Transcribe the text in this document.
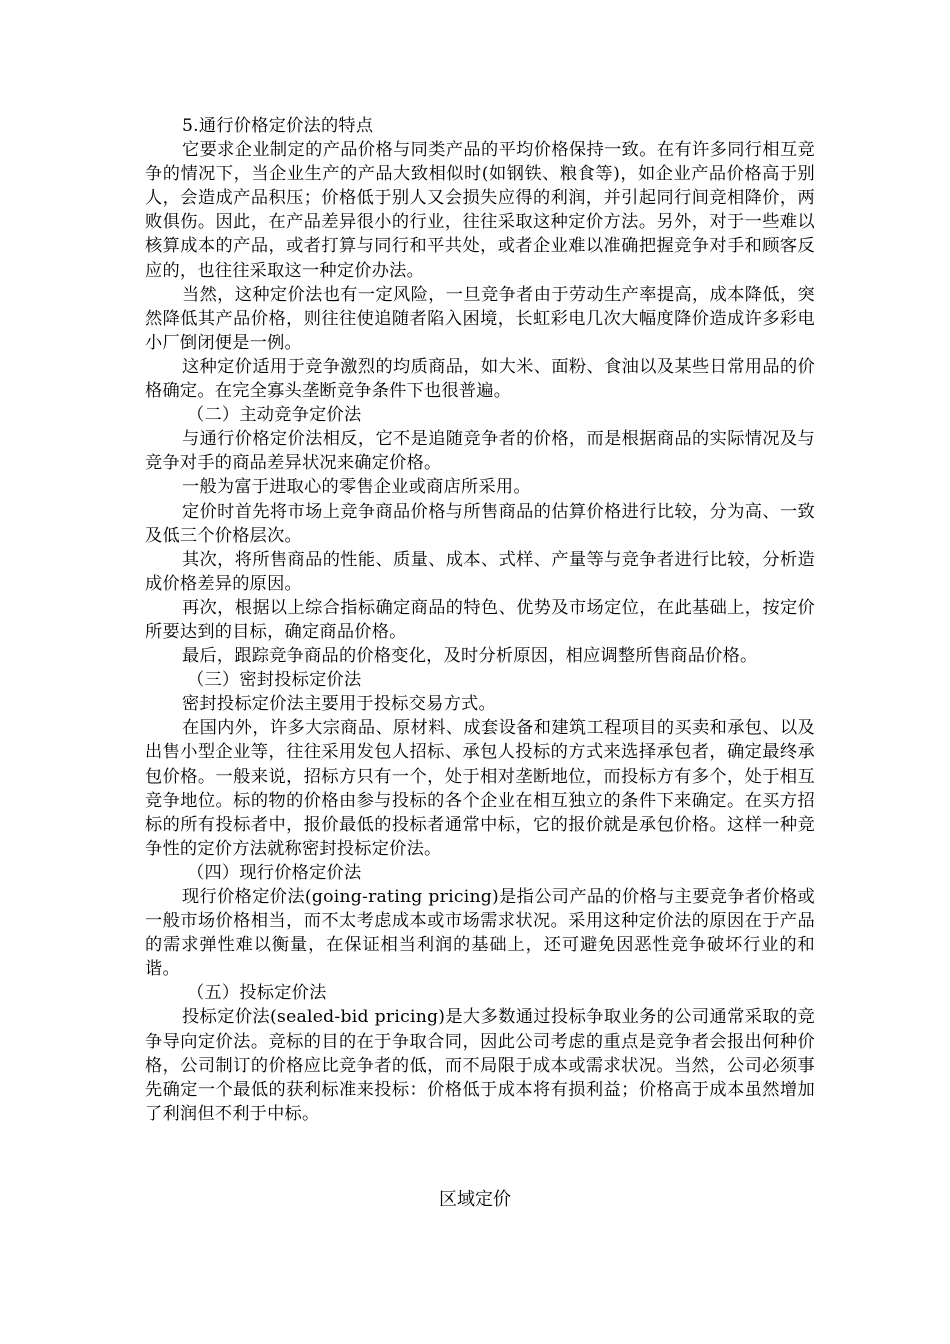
5.通行价格定价法的特点

它要求企业制定的产品价格与同类产品的平均价格保持一致。在有许多同行相互竞争的情况下，当企业生产的产品大致相似时(如钢铁、粮食等)，如企业产品价格高于别人，会造成产品积压；价格低于别人又会损失应得的利润，并引起同行间竞相降价，两败俱伤。因此，在产品差异很小的行业，往往采取这种定价方法。另外，对于一些难以核算成本的产品，或者打算与同行和平共处，或者企业难以准确把握竞争对手和顾客反应的，也往往采取这一种定价办法。

当然，这种定价法也有一定风险，一旦竞争者由于劳动生产率提高，成本降低，突然降低其产品价格，则往往使追随者陷入困境，长虹彩电几次大幅度降价造成许多彩电小厂倒闭便是一例。

这种定价适用于竞争激烈的均质商品，如大米、面粉、食油以及某些日常用品的价格确定。在完全寡头垄断竞争条件下也很普遍。

（二）主动竞争定价法

与通行价格定价法相反，它不是追随竞争者的价格，而是根据商品的实际情况及与竞争对手的商品差异状况来确定价格。

一般为富于进取心的零售企业或商店所采用。

定价时首先将市场上竞争商品价格与所售商品的估算价格进行比较，分为高、一致及低三个价格层次。

其次，将所售商品的性能、质量、成本、式样、产量等与竞争者进行比较，分析造成价格差异的原因。

再次，根据以上综合指标确定商品的特色、优势及市场定位，在此基础上，按定价所要达到的目标，确定商品价格。

最后，跟踪竞争商品的价格变化，及时分析原因，相应调整所售商品价格。

（三）密封投标定价法

密封投标定价法主要用于投标交易方式。

在国内外，许多大宗商品、原材料、成套设备和建筑工程项目的买卖和承包、以及出售小型企业等，往往采用发包人招标、承包人投标的方式来选择承包者，确定最终承包价格。一般来说，招标方只有一个，处于相对垄断地位，而投标方有多个，处于相互竞争地位。标的物的价格由参与投标的各个企业在相互独立的条件下来确定。在买方招标的所有投标者中，报价最低的投标者通常中标，它的报价就是承包价格。这样一种竞争性的定价方法就称密封投标定价法。

（四）现行价格定价法

现行价格定价法(going-rating pricing)是指公司产品的价格与主要竞争者价格或一般市场价格相当，而不太考虑成本或市场需求状况。采用这种定价法的原因在于产品的需求弹性难以衡量，在保证相当利润的基础上，还可避免因恶性竞争破坏行业的和谐。

（五）投标定价法

投标定价法(sealed-bid pricing)是大多数通过投标争取业务的公司通常采取的竞争导向定价法。竞标的目的在于争取合同，因此公司考虑的重点是竞争者会报出何种价格，公司制订的价格应比竞争者的低，而不局限于成本或需求状况。当然，公司必须事先确定一个最低的获利标准来投标：价格低于成本将有损利益；价格高于成本虽然增加了利润但不利于中标。

区域定价
